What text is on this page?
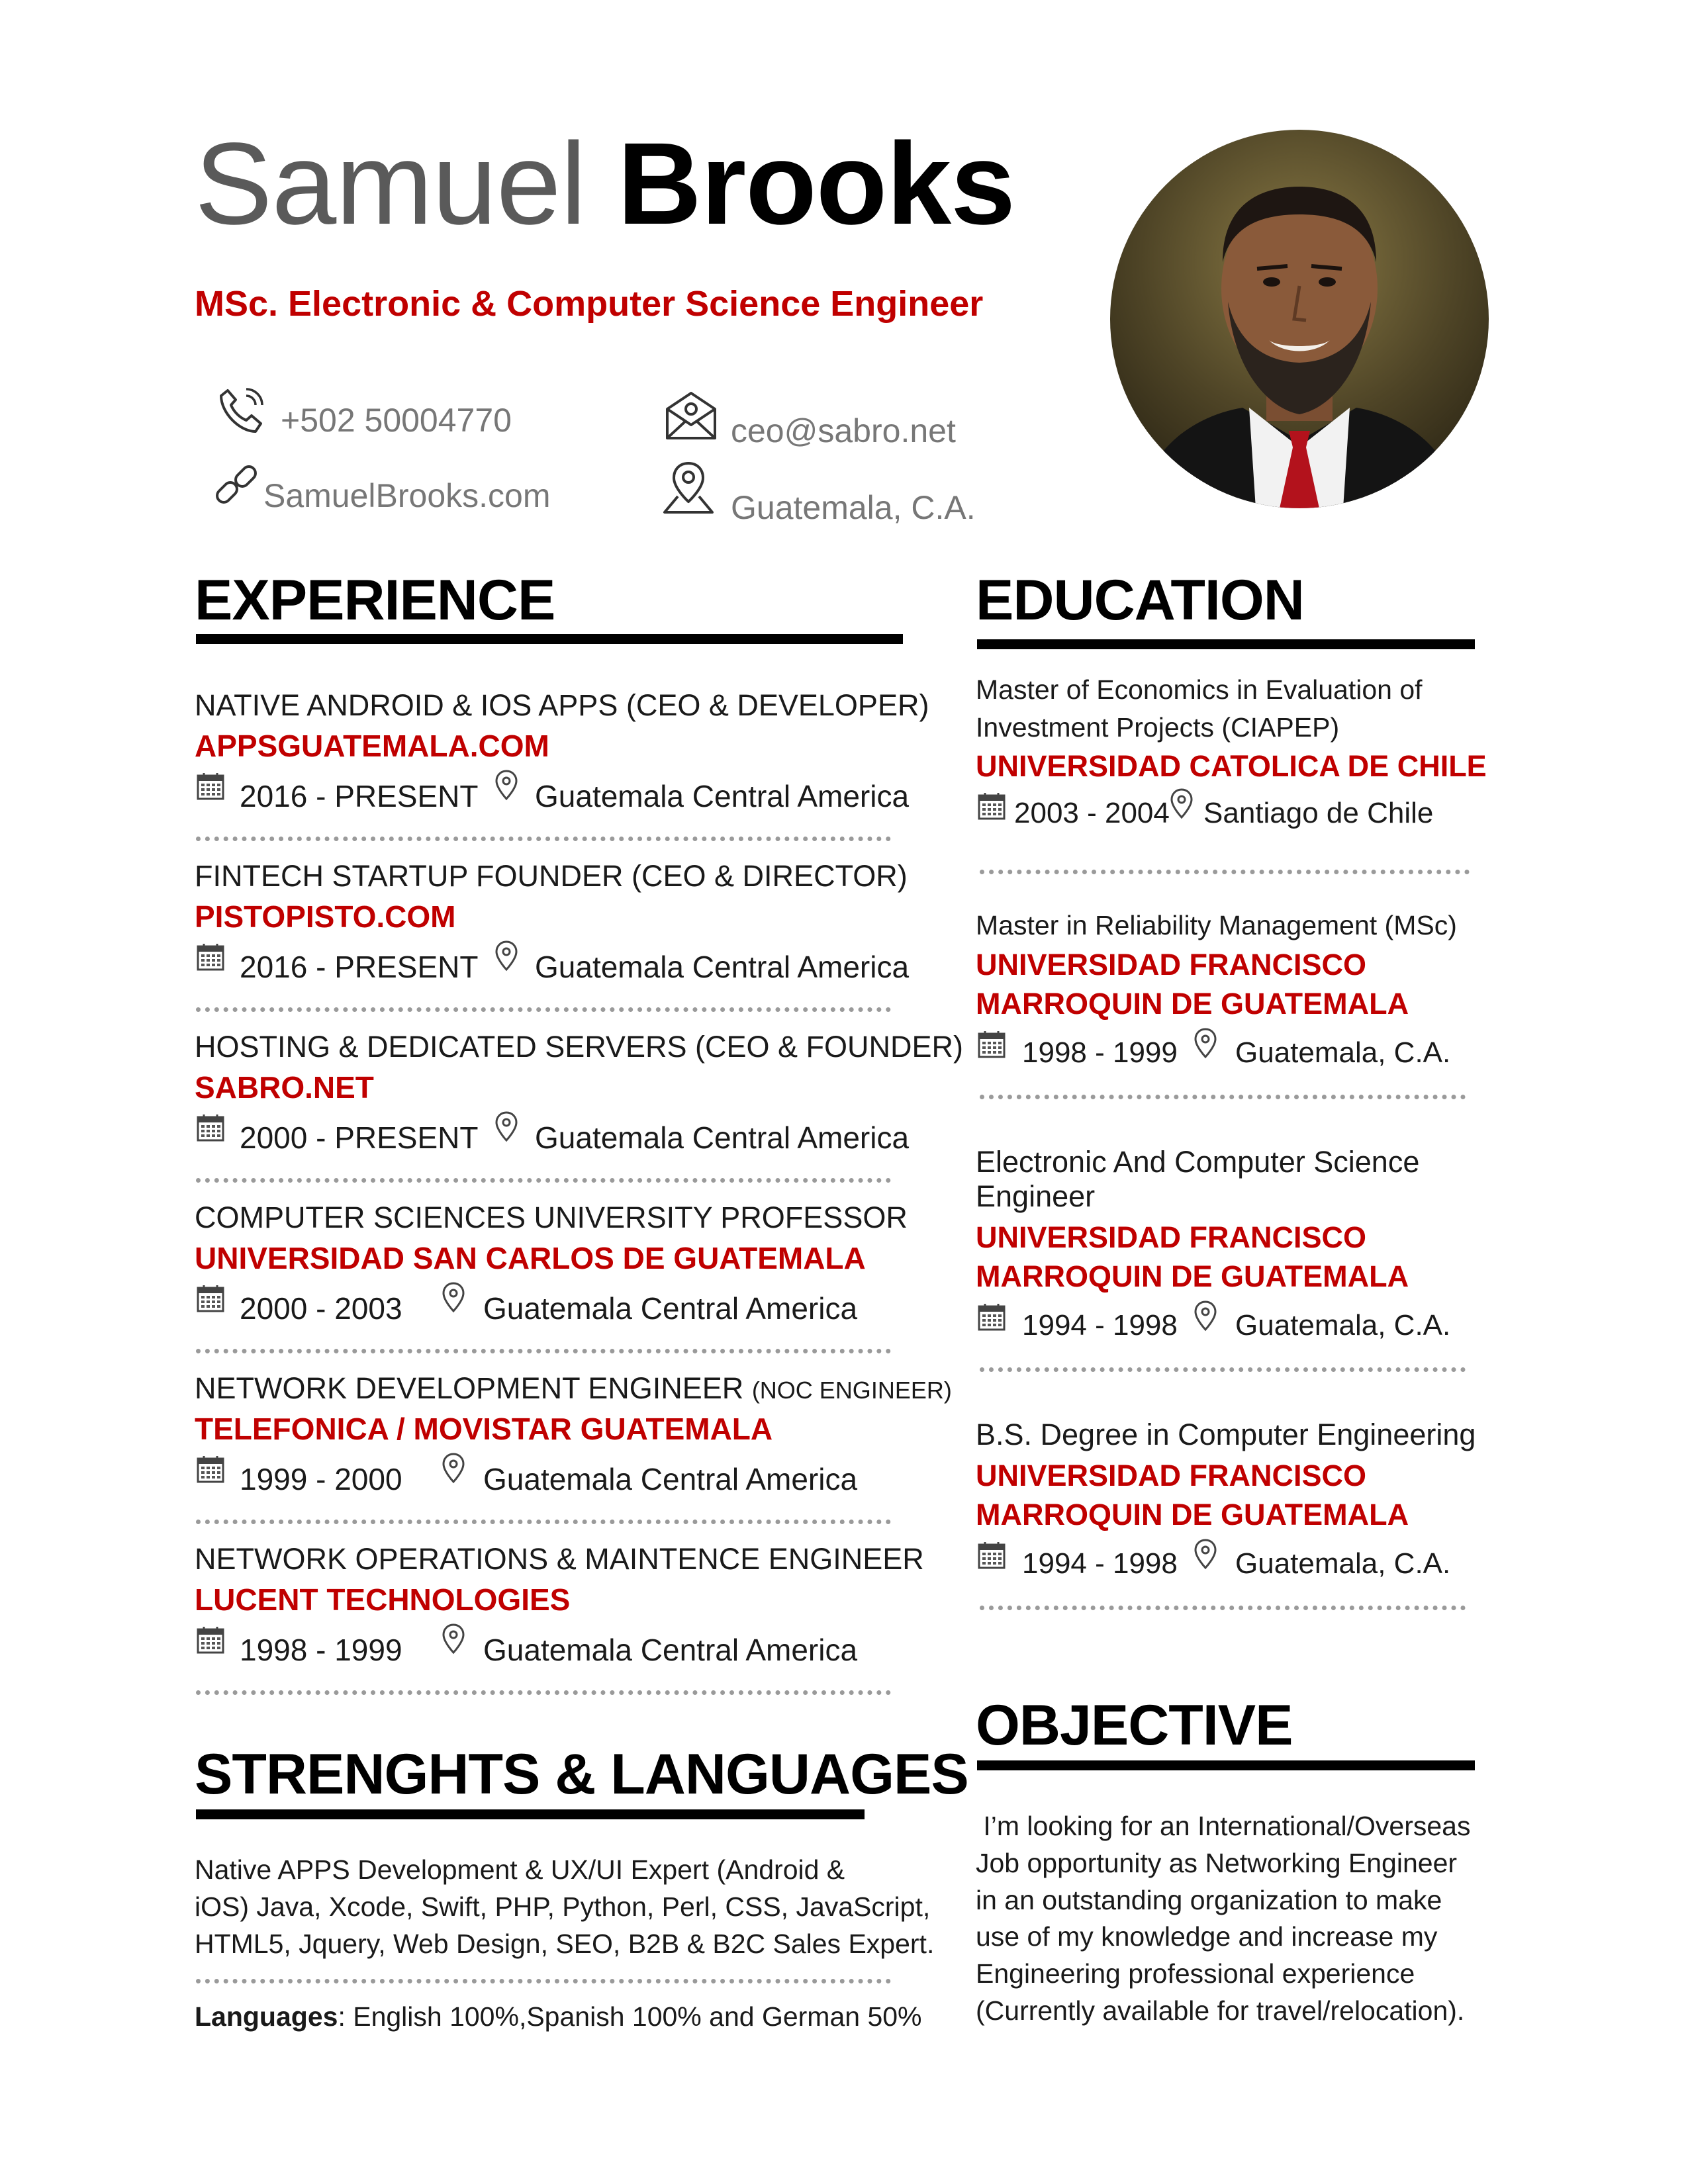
Samuel Brooks
MSc. Electronic & Computer Science Engineer
+502 50004770
SamuelBrooks.com
ceo@sabro.net
Guatemala, C.A.
EXPERIENCE
NATIVE ANDROID & IOS APPS (CEO & DEVELOPER)
APPSGUATEMALA.COM
2016 - PRESENT Guatemala Central America
FINTECH STARTUP FOUNDER (CEO & DIRECTOR)
PISTOPISTO.COM
2016 - PRESENT Guatemala Central America
HOSTING & DEDICATED SERVERS (CEO & FOUNDER)
SABRO.NET
2000 - PRESENT Guatemala Central America
COMPUTER SCIENCES UNIVERSITY PROFESSOR
UNIVERSIDAD SAN CARLOS DE GUATEMALA
2000 - 2003	Guatemala Central America
NETWORK DEVELOPMENT ENGINEER (NOC ENGINEER)
TELEFONICA / MOVISTAR GUATEMALA
1999 - 2000	Guatemala Central America
NETWORK OPERATIONS & MAINTENCE ENGINEER
LUCENT TECHNOLOGIES
1998 - 1999	Guatemala Central America
STRENGHTS & LANGUAGES
Native APPS Development & UX/UI Expert (Android &
iOS) Java, Xcode, Swift, PHP, Python, Perl, CSS, JavaScript,
HTML5, Jquery, Web Design, SEO, B2B & B2C Sales Expert.
Languages: English 100%,Spanish 100% and German 50%
EDUCATION
Master of Economics in Evaluation of
Investment Projects (CIAPEP)
UNIVERSIDAD CATOLICA DE CHILE
2003 - 2004 Santiago de Chile
Master in Reliability Management (MSc)
UNIVERSIDAD FRANCISCO
MARROQUIN DE GUATEMALA
1998 - 1999 Guatemala, C.A.
Electronic And Computer Science
Engineer
UNIVERSIDAD FRANCISCO
MARROQUIN DE GUATEMALA
1994 - 1998 Guatemala, C.A.
B.S. Degree in Computer Engineering
UNIVERSIDAD FRANCISCO
MARROQUIN DE GUATEMALA
1994 - 1998 Guatemala, C.A.
OBJECTIVE
I’m looking for an International/Overseas
Job opportunity as Networking Engineer
in an outstanding organization to make
use of my knowledge and increase my
Engineering professional experience
(Currently available for travel/relocation).
